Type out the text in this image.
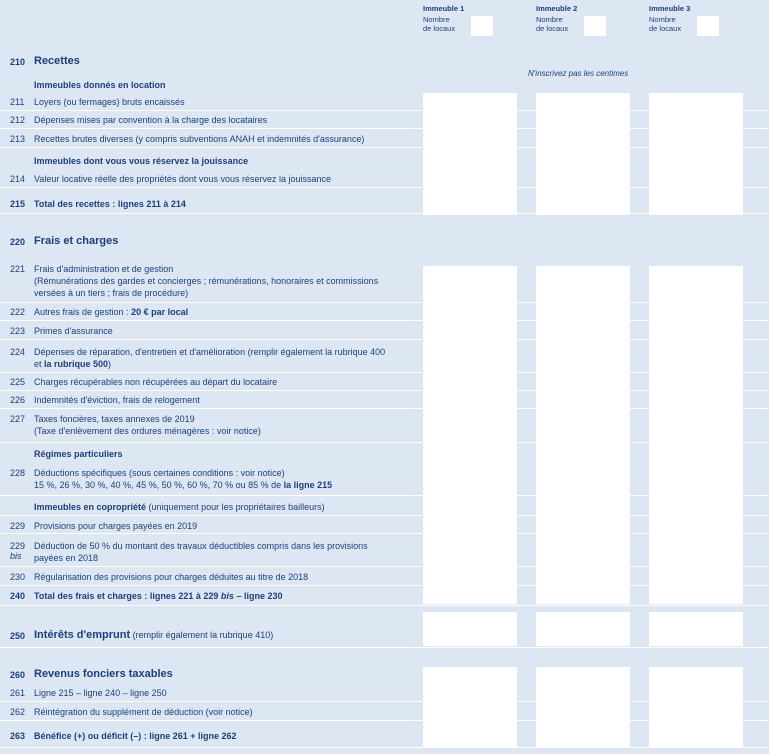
Immeuble 1
Nombre
de locaux
Immeuble 2
Nombre
de locaux
Immeuble 3
Nombre
de locaux
N'inscrivez pas les centimes
210 Recettes
Immeubles donnés en location
211 Loyers (ou fermages) bruts encaissés
212 Dépenses mises par convention à la charge des locataires
213 Recettes brutes diverses (y compris subventions ANAH et indemnités d'assurance)
Immeubles dont vous vous réservez la jouissance
214 Valeur locative réelle des propriétés dont vous vous réservez la jouissance
215 Total des recettes : lignes 211 à 214
220 Frais et charges
221 Frais d'administration et de gestion
(Rémunérations des gardes et concierges ; rémunérations, honoraires et commissions
versées à un tiers ; frais de procédure)
222 Autres frais de gestion : 20 € par local
223 Primes d'assurance
224 Dépenses de réparation, d'entretien et d'amélioration (remplir également la rubrique 400
et la rubrique 500)
225 Charges récupérables non récupérées au départ du locataire
226 Indemnités d'éviction, frais de relogement
227 Taxes foncières, taxes annexes de 2019
(Taxe d'enlèvement des ordures ménagères : voir notice)
Régimes particuliers
228 Déductions spécifiques (sous certaines conditions : voir notice)
15 %, 26 %, 30 %, 40 %, 45 %, 50 %, 60 %, 70 % ou 85 % de la ligne 215
Immeubles en copropriété (uniquement pour les propriétaires bailleurs)
229 Provisions pour charges payées en 2019
229
bis
Déduction de 50 % du montant des travaux déductibles compris dans les provisions
payées en 2018
230 Régularisation des provisions pour charges déduites au titre de 2018
240 Total des frais et charges : lignes 221 à 229 bis – ligne 230
250 Intérêts d'emprunt (remplir également la rubrique 410)
260 Revenus fonciers taxables
261 Ligne 215 – ligne 240 – ligne 250
262 Réintégration du supplément de déduction (voir notice)
263 Bénéfice (+) ou déficit (–) : ligne 261 + ligne 262
